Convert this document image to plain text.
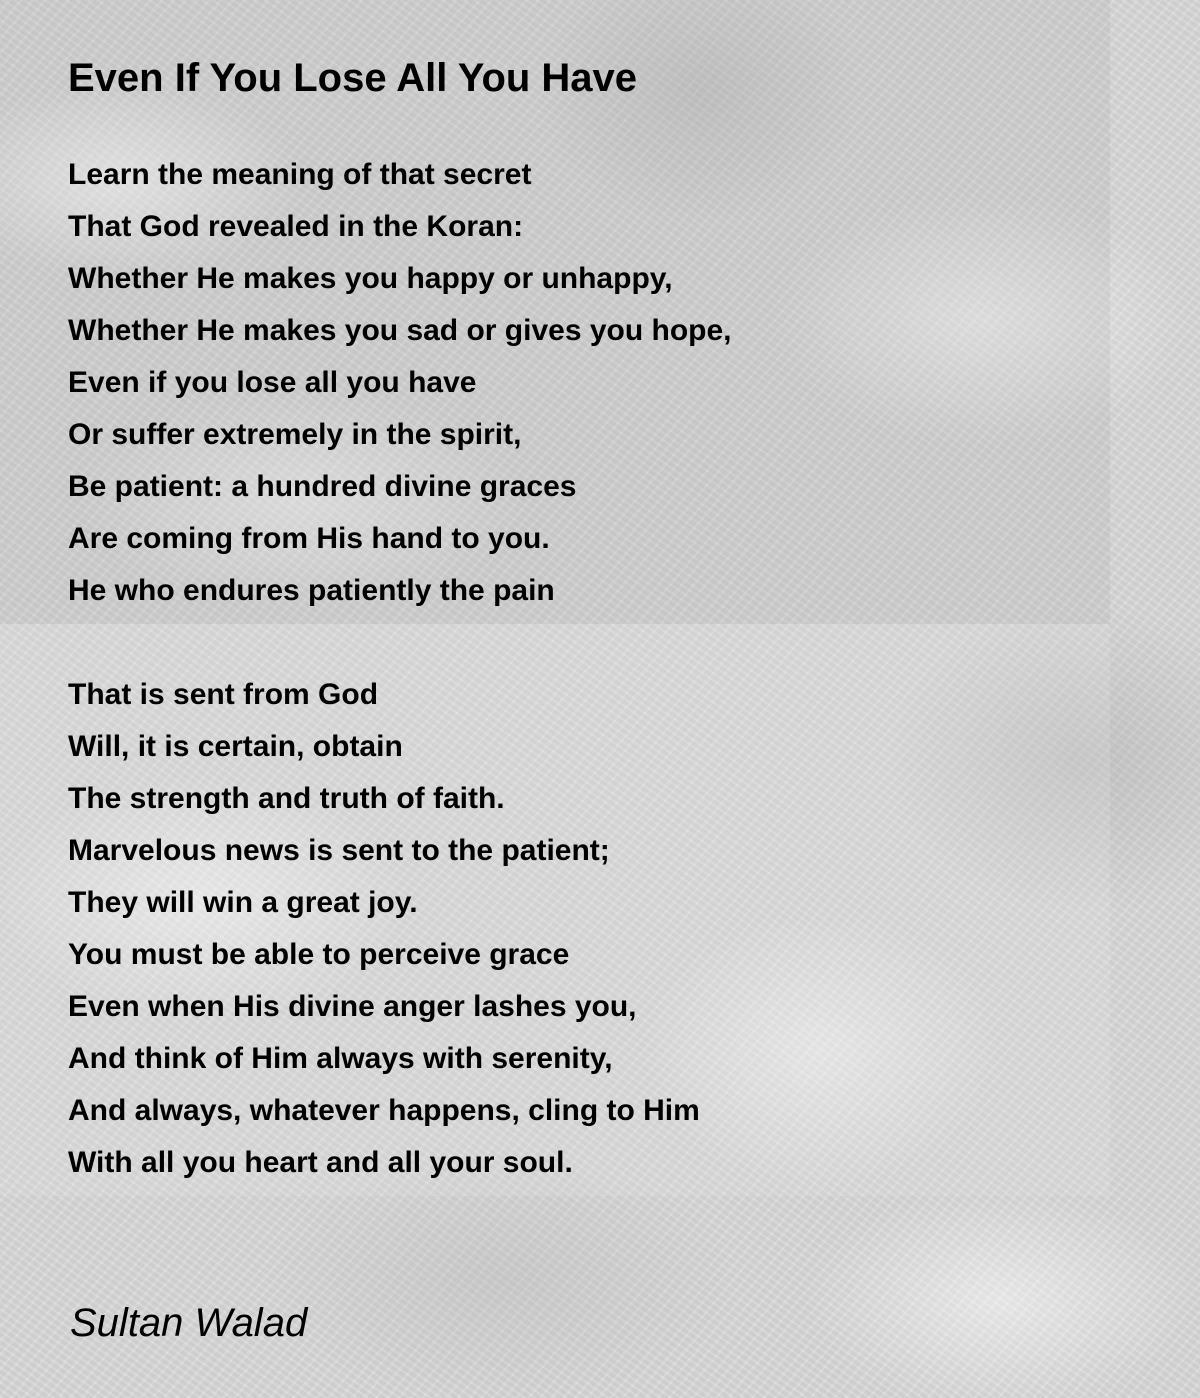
Even If You Lose All You Have
Learn the meaning of that secret
That God revealed in the Koran:
Whether He makes you happy or unhappy,
Whether He makes you sad or gives you hope,
Even if you lose all you have
Or suffer extremely in the spirit,
Be patient: a hundred divine graces
Are coming from His hand to you.
He who endures patiently the pain
That is sent from God
Will, it is certain, obtain
The strength and truth of faith.
Marvelous news is sent to the patient;
They will win a great joy.
You must be able to perceive grace
Even when His divine anger lashes you,
And think of Him always with serenity,
And always, whatever happens, cling to Him
With all you heart and all your soul.

Sultan Walad
